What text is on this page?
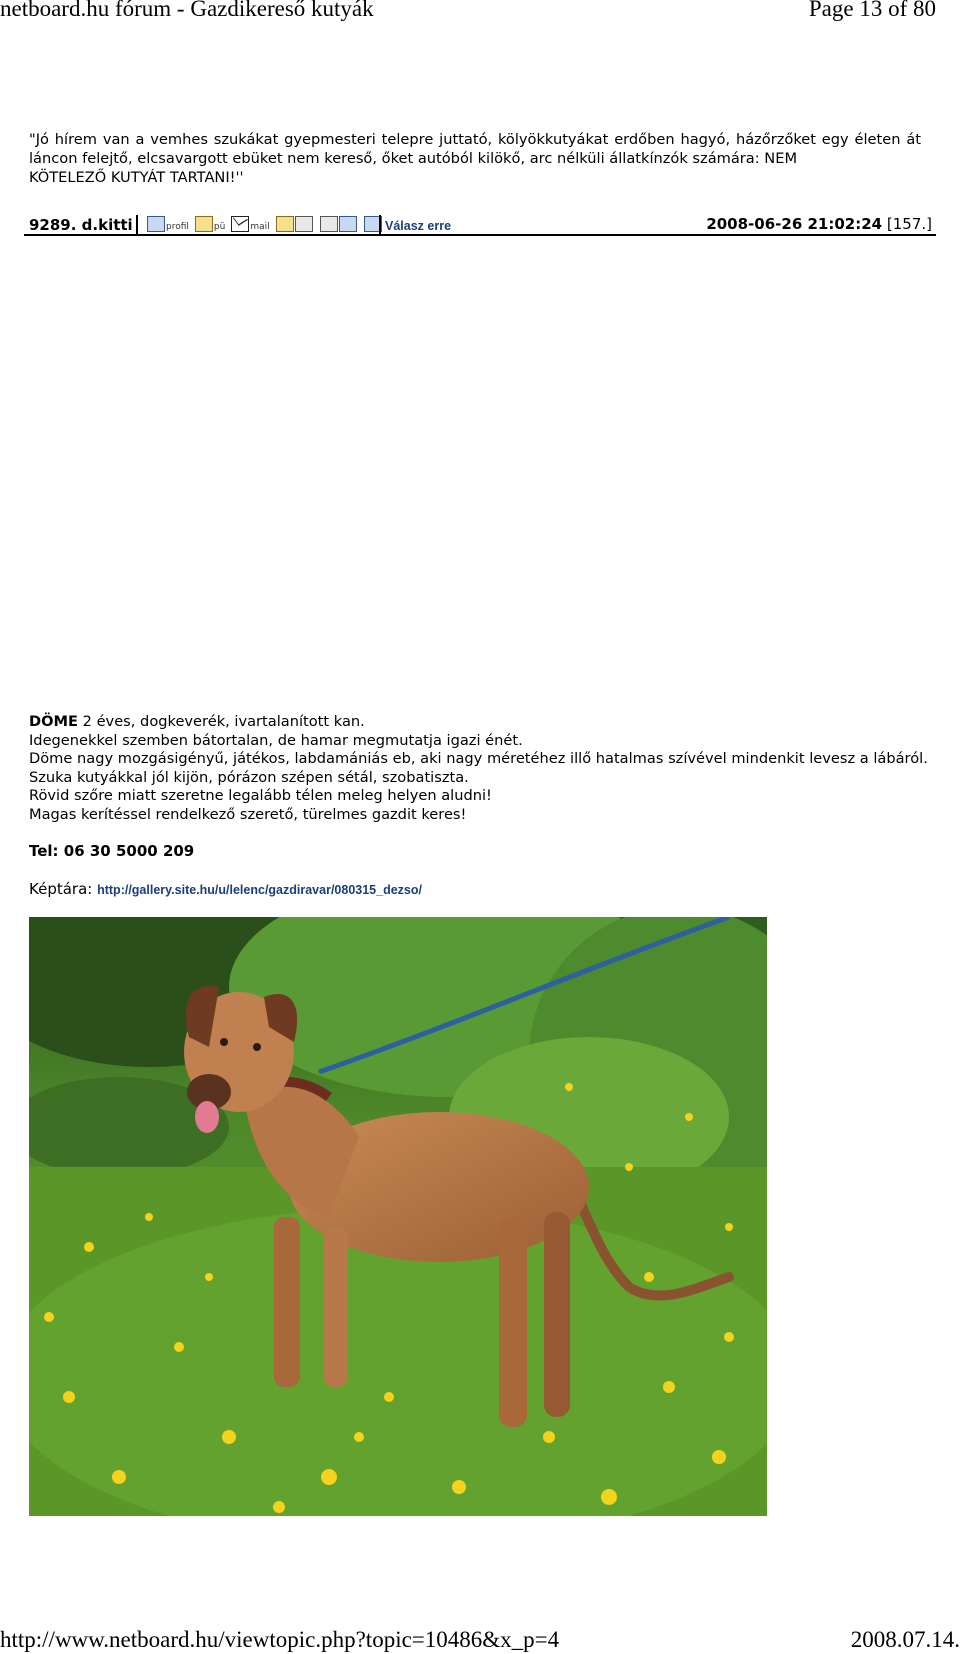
netboard.hu fórum - Gazdikereső kutyák	Page 13 of 80
"Jó hírem van a vemhes szukákat gyepmesteri telepre juttató, kölyökkutyákat erdőben hagyó, házőrzőket egy életen át láncon felejtő, elcsavargott ebüket nem kereső, őket autóból kilökő, arc nélküli állatkínzók számára: NEM
KÖTELEZŐ KUTYÁT TARTANI!''
9289. d.kitti	profil	pü	mail	Válasz erre	2008-06-26 21:02:24 [157.]

DÖME 2 éves, dogkeverék, ivartalanított kan.

Idegenekkel szemben bátortalan, de hamar megmutatja igazi énét.

Döme nagy mozgásigényű, játékos, labdamániás eb, aki nagy méretéhez illő hatalmas szívével mindenkit levesz a lábáról. Szuka kutyákkal jól kijön, pórázon szépen sétál, szobatiszta.

Rövid szőre miatt szeretne legalább télen meleg helyen aludni!

Magas kerítéssel rendelkező szerető, türelmes gazdit keres!

Tel: 06 30 5000 209
Képtára: http://gallery.site.hu/u/lelenc/gazdiravar/080315_dezso/
http://www.netboard.hu/viewtopic.php?topic=10486&x_p=4	2008.07.14.
